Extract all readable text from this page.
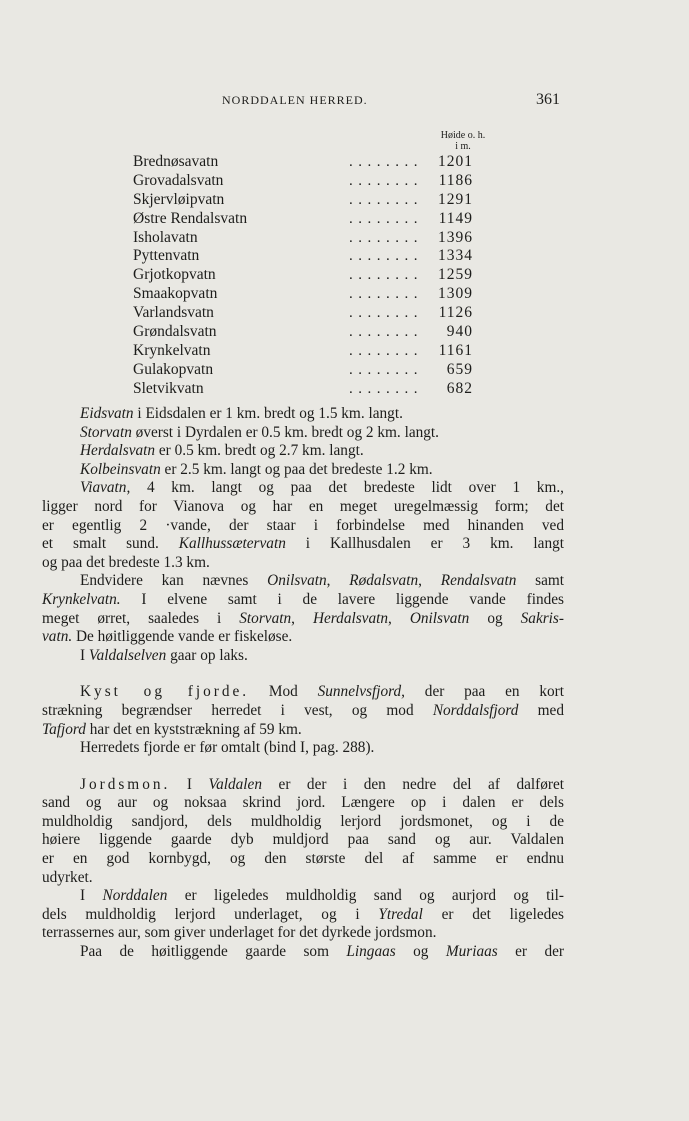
NORDDALEN HERRED.	361
Høide o. h.
i m.
Brednøsavatn	........ 1201
Grovadalsvatn	........	1186
Skjervløipvatn	........ 1291
Østre Rendalsvatn	........	1149
Isholavatn	........ 1396
Pyttenvatn	........ 1334
Grjotkopvatn	........ 1259
Smaakopvatn	........ 1309
Varlandsvatn	........	1126
Grøndalsvatn	........	940
Krynkelvatn	........	1161
Gulakopvatn	........	659
Sletvikvatn	........	682
Eidsvatn i Eidsdalen er 1 km. bredt og 1.5 km. langt.
Storvatn øverst i Dyrdalen er 0.5 km. bredt og 2 km. langt.
Herdalsvatn er 0.5 km. bredt og 2.7 km. langt.
Kolbeinsvatn er 2.5 km. langt og paa det bredeste 1.2 km.
Viavatn, 4 km. langt og paa det bredeste lidt over 1 km.,
ligger nord for Vianova og har en meget uregelmæssig form; det
er egentlig 2 ·vande, der staar i forbindelse med hinanden ved
et smalt sund. Kallhussætervatn i Kallhusdalen er 3 km. langt
og paa det bredeste 1.3 km.
Endvidere kan nævnes Onilsvatn, Rødalsvatn, Rendalsvatn samt
Krynkelvatn. I elvene samt i de lavere liggende vande findes
meget ørret, saaledes i Storvatn, Herdalsvatn, Onilsvatn og Sakris-
vatn. De høitliggende vande er fiskeløse.
I Valdalselven gaar op laks.
Kyst og fjorde. Mod Sunnelvsfjord, der paa en kort
strækning begrændser herredet i vest, og mod Norddalsfjord med
Tafjord har det en kyststrækning af 59 km.
Herredets fjorde er før omtalt (bind I, pag. 288).
Jordsmon. I Valdalen er der i den nedre del af dalføret
sand og aur og noksaa skrind jord. Længere op i dalen er dels
muldholdig sandjord, dels muldholdig lerjord jordsmonet, og i de
høiere liggende gaarde dyb muldjord paa sand og aur. Valdalen
er en god kornbygd, og den største del af samme er endnu
udyrket.
I Norddalen er ligeledes muldholdig sand og aurjord og til-
dels muldholdig lerjord underlaget, og i Ytredal er det ligeledes
terrassernes aur, som giver underlaget for det dyrkede jordsmon.
Paa de høitliggende gaarde som Lingaas og Muriaas er der
